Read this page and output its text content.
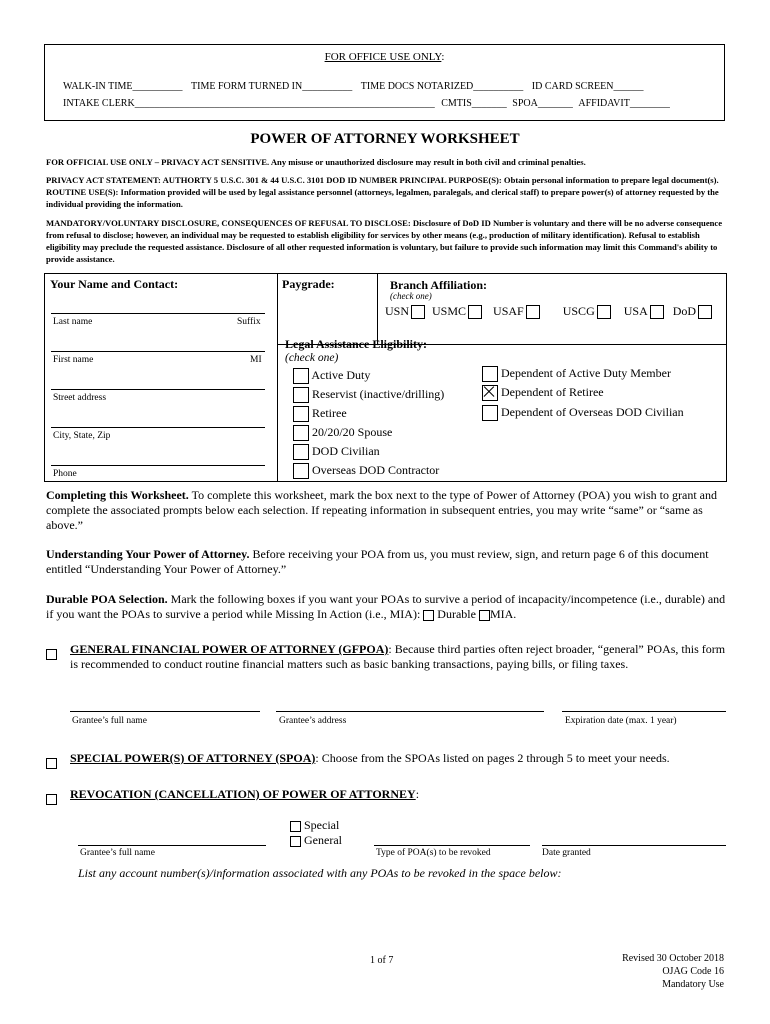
FOR OFFICE USE ONLY:
WALK-IN TIME__________ TIME FORM TURNED IN__________ TIME DOCS NOTARIZED__________ ID CARD SCREEN______
INTAKE CLERK____________________________________________________________ CMTIS_______ SPOA_______ AFFIDAVIT________
POWER OF ATTORNEY WORKSHEET
FOR OFFICIAL USE ONLY – PRIVACY ACT SENSITIVE. Any misuse or unauthorized disclosure may result in both civil and criminal penalties.
PRIVACY ACT STATEMENT: AUTHORTY 5 U.S.C. 301 & 44 U.S.C. 3101 DOD ID NUMBER PRINCIPAL PURPOSE(S): Obtain personal information to prepare legal document(s). ROUTINE USE(S): Information provided will be used by legal assistance personnel (attorneys, legalmen, paralegals, and clerical staff) to prepare power(s) of attorney requested by the individual providing the information.
MANDATORY/VOLUNTARY DISCLOSURE, CONSEQUENCES OF REFUSAL TO DISCLOSE: Disclosure of DoD ID Number is voluntary and there will be no adverse consequence from refusal to disclose; however, an individual may be requested to establish eligibility for services by other means (e.g., production of military identification). Refusal to establish eligibility may preclude the requested assistance. Disclosure of all other requested information is voluntary, but failure to provide such information may limit this Command's ability to provide assistance.
Your Name and Contact:
Last name	Suffix
First name	MI
Street address
City, State, Zip
Phone
Paygrade:	Branch Affiliation:
(check one)
USN USMC USAF	USCG USA DoD
Legal Assistance Eligibility:
(check one)
Active Duty
Reservist (inactive/drilling)
Retiree
20/20/20 Spouse
DOD Civilian
Overseas DOD Contractor
Dependent of Active Duty Member
Dependent of Retiree
Dependent of Overseas DOD Civilian
Completing this Worksheet. To complete this worksheet, mark the box next to the type of Power of Attorney (POA) you wish to grant and complete the associated prompts below each selection. If repeating information in subsequent entries, you may write “same” or “same as above.”
Understanding Your Power of Attorney. Before receiving your POA from us, you must review, sign, and return page 6 of this document entitled “Understanding Your Power of Attorney.”
Durable POA Selection. Mark the following boxes if you want your POAs to survive a period of incapacity/incompetence (i.e., durable) and if you want the POAs to survive a period while Missing In Action (i.e., MIA):  Durable MIA.
GENERAL FINANCIAL POWER OF ATTORNEY (GFPOA): Because third parties often reject broader, “general” POAs, this form is recommended to conduct routine financial matters such as basic banking transactions, paying bills, or filing taxes.
Grantee’s full name	Grantee’s address	Expiration date (max. 1 year)
SPECIAL POWER(S) OF ATTORNEY (SPOA): Choose from the SPOAs listed on pages 2 through 5 to meet your needs.
REVOCATION (CANCELLATION) OF POWER OF ATTORNEY:
Special
General
Grantee’s full name	Type of POA(s) to be revoked	Date granted
List any account number(s)/information associated with any POAs to be revoked in the space below:
1 of 7	Revised 30 October 2018
OJAG Code 16
Mandatory Use
